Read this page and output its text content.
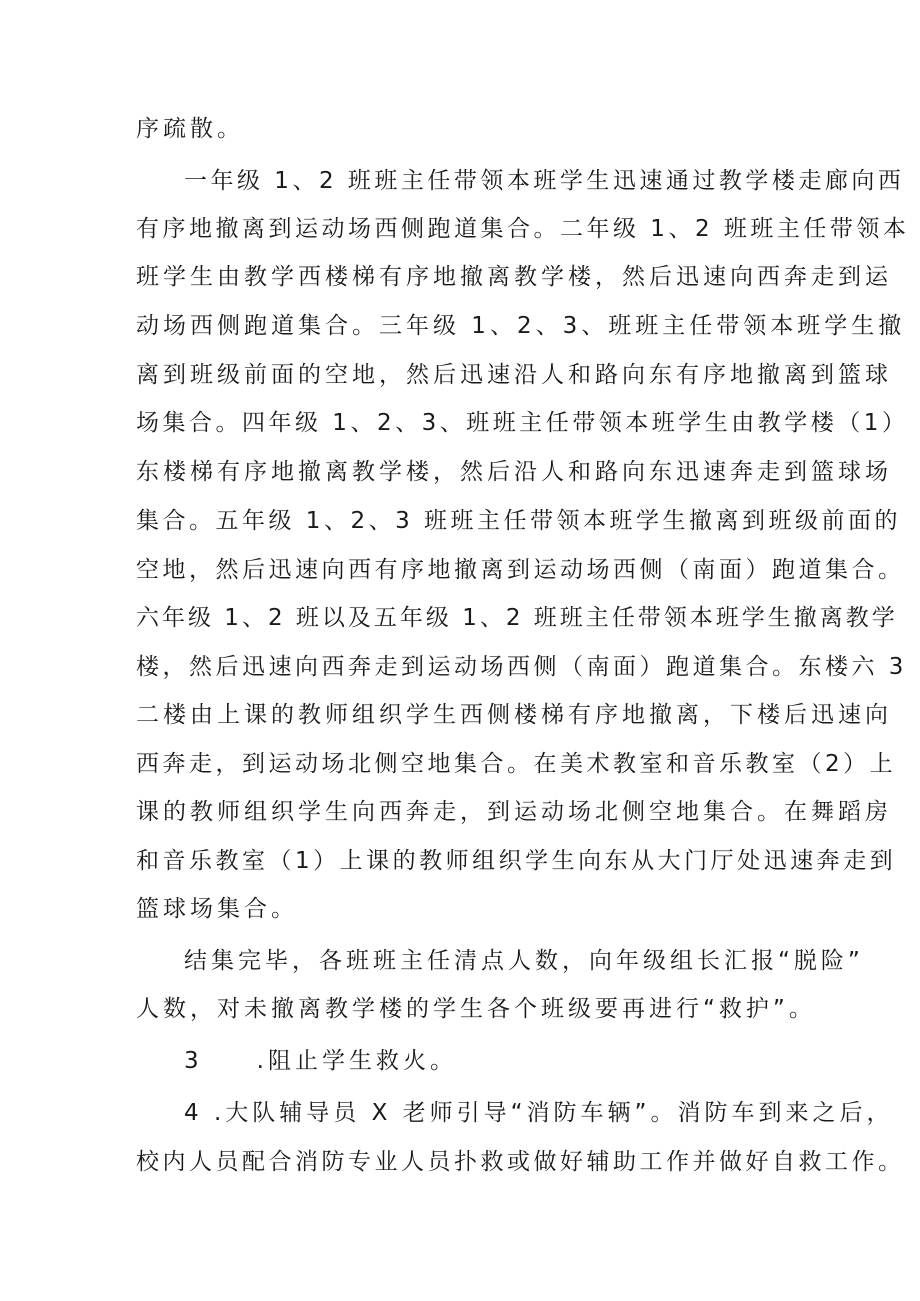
序疏散。
一年级 1、2 班班主任带领本班学生迅速通过教学楼走廊向西
有序地撤离到运动场西侧跑道集合。二年级 1、2 班班主任带领本
班学生由教学西楼梯有序地撤离教学楼，然后迅速向西奔走到运
动场西侧跑道集合。三年级 1、2、3、班班主任带领本班学生撤
离到班级前面的空地，然后迅速沿人和路向东有序地撤离到篮球
场集合。四年级 1、2、3、班班主任带领本班学生由教学楼（1）
东楼梯有序地撤离教学楼，然后沿人和路向东迅速奔走到篮球场
集合。五年级 1、2、3 班班主任带领本班学生撤离到班级前面的
空地，然后迅速向西有序地撤离到运动场西侧（南面）跑道集合。
六年级 1、2 班以及五年级 1、2 班班主任带领本班学生撤离教学
楼，然后迅速向西奔走到运动场西侧（南面）跑道集合。东楼六 3
二楼由上课的教师组织学生西侧楼梯有序地撤离，下楼后迅速向
西奔走，到运动场北侧空地集合。在美术教室和音乐教室（2）上
课的教师组织学生向西奔走，到运动场北侧空地集合。在舞蹈房
和音乐教室（1）上课的教师组织学生向东从大门厅处迅速奔走到
篮球场集合。
结集完毕，各班班主任清点人数，向年级组长汇报“脱险”
人数，对未撤离教学楼的学生各个班级要再进行“救护”。
3　　.阻止学生救火。
4 .大队辅导员 X 老师引导“消防车辆”。消防车到来之后，
校内人员配合消防专业人员扑救或做好辅助工作并做好自救工作。
